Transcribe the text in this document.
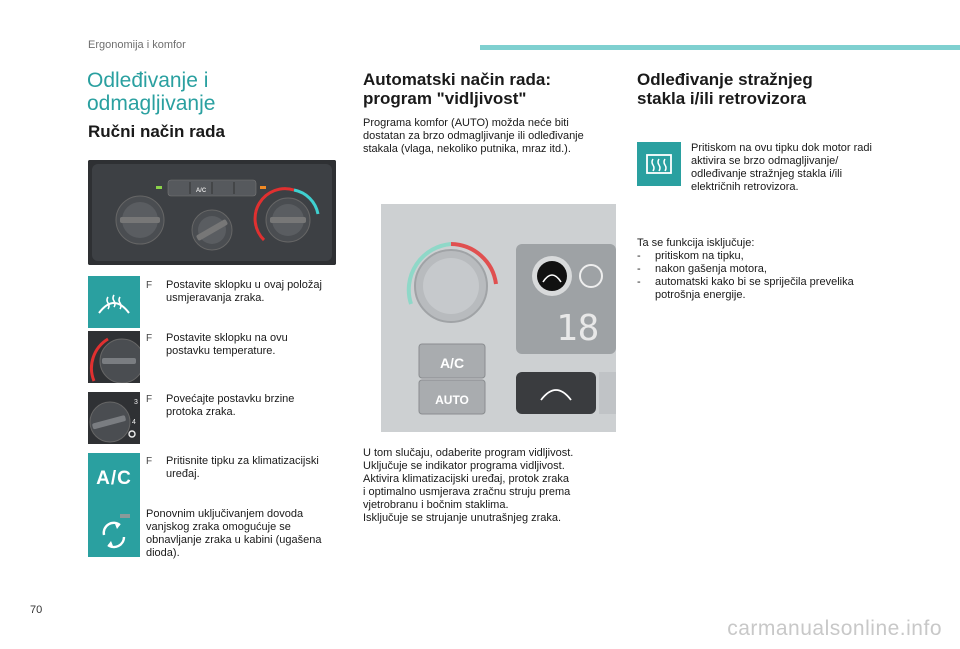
Ergonomija i komfor
Odleđivanje i
odmagljivanje
Ručni način rada
A/C
F Postavite sklopku u ovaj položaj usmjeravanja zraka.
F Postavite sklopku na ovu postavku temperature.
3
4
F Povećajte postavku brzine protoka zraka.
A/C
F Pritisnite tipku za klimatizacijski uređaj.
Ponovnim uključivanjem dovoda vanjskog zraka omogućuje se obnavljanje zraka u kabini (ugašena dioda).
Automatski način rada:
program "vidljivost"
Programa komfor (AUTO) možda neće biti dostatan za brzo odmagljivanje ili odleđivanje stakala (vlaga, nekoliko putnika, mraz itd.).
18
A/C
AUTO
U tom slučaju, odaberite program vidljivost.
Uključuje se indikator programa vidljivost.
Aktivira klimatizacijski uređaj, protok zraka
i optimalno usmjerava zračnu struju prema
vjetrobranu i bočnim staklima.
Isključuje se strujanje unutrašnjeg zraka.
Odleđivanje stražnjeg
stakla i/ili retrovizora
Pritiskom na ovu tipku dok motor radi aktivira se brzo odmagljivanje/ odleđivanje stražnjeg stakla i/ili električnih retrovizora.
Ta se funkcija isključuje:
- pritiskom na tipku,
- nakon gašenja motora,
- automatski kako bi se spriječila prevelika potrošnja energije.
70
carmanualsonline.info
